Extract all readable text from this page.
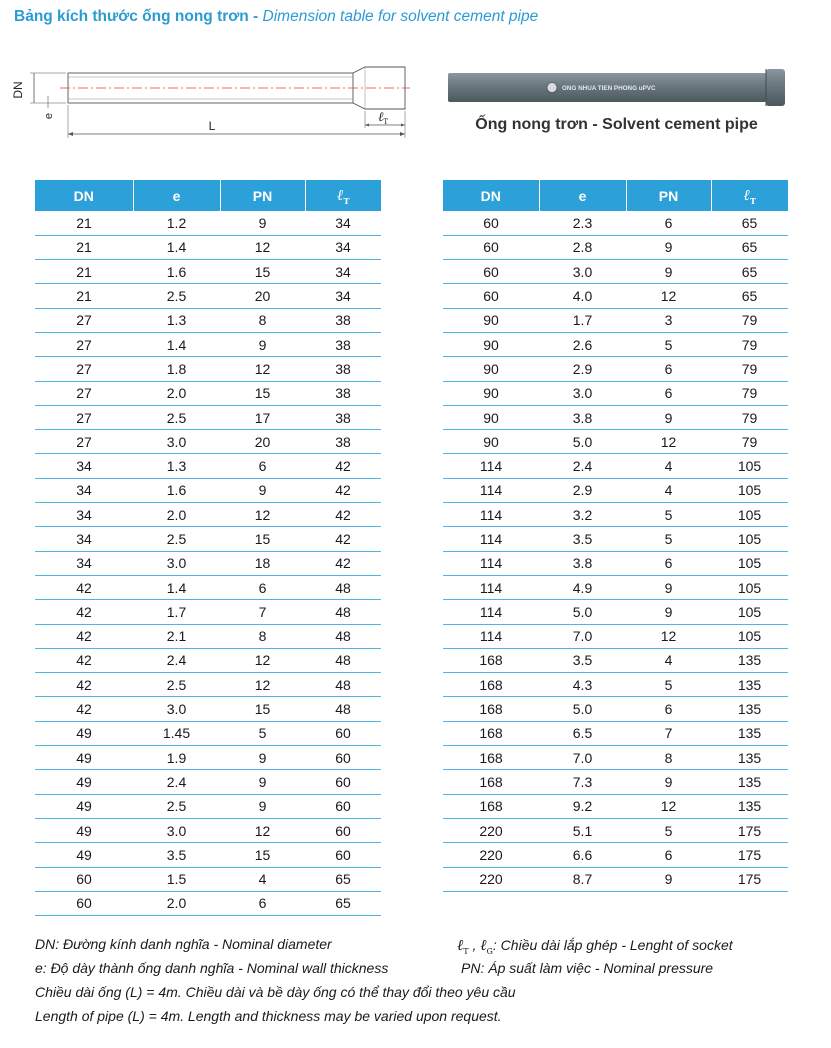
Bảng kích thước ống nong trơn - Dimension table for solvent cement pipe
DN
e
L
ℓ$_T$
ONG NHUA TIEN PHONG uPVC
Ống nong trơn - Solvent cement pipe
DN	e	PN	ℓ$_T$
21	1.2	9	34
21	1.4	12	34
21	1.6	15	34
21	2.5	20	34
27	1.3	8	38
27	1.4	9	38
27	1.8	12	38
27	2.0	15	38
27	2.5	17	38
27	3.0	20	38
34	1.3	6	42
34	1.6	9	42
34	2.0	12	42
34	2.5	15	42
34	3.0	18	42
42	1.4	6	48
42	1.7	7	48
42	2.1	8	48
42	2.4	12	48
42	2.5	12	48
42	3.0	15	48
49	1.45	5	60
49	1.9	9	60
49	2.4	9	60
49	2.5	9	60
49	3.0	12	60
49	3.5	15	60
60	1.5	4	65
60	2.0	6	65
DN	e	PN	ℓ$_T$
60	2.3	6	65
60	2.8	9	65
60	3.0	9	65
60	4.0	12	65
90	1.7	3	79
90	2.6	5	79
90	2.9	6	79
90	3.0	6	79
90	3.8	9	79
90	5.0	12	79
114	2.4	4	105
114	2.9	4	105
114	3.2	5	105
114	3.5	5	105
114	3.8	6	105
114	4.9	9	105
114	5.0	9	105
114	7.0	12	105
168	3.5	4	135
168	4.3	5	135
168	5.0	6	135
168	6.5	7	135
168	7.0	8	135
168	7.3	9	135
168	9.2	12	135
220	5.1	5	175
220	6.6	6	175
220	8.7	9	175
DN: Đường kính danh nghĩa - Nominal diameter	ℓ$_T$ , ℓ$_G$: Chiều dài lắp ghép - Lenght of socket
e: Độ dày thành ống danh nghĩa - Nominal wall thickness	PN: Áp suất làm việc - Nominal pressure
Chiều dài ống (L) = 4m. Chiều dài và bề dày ống có thể thay đổi theo yêu cầu
Length of pipe (L) = 4m. Length and thickness may be varied upon request.
